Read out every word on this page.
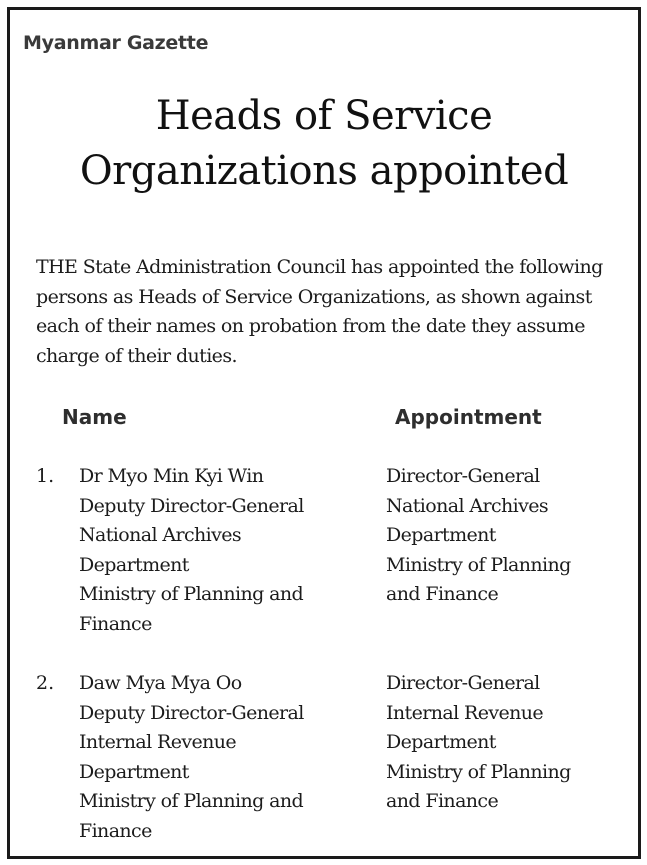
Myanmar Gazette
Heads of Service
Organizations appointed
THE State Administration Council has appointed the following
persons as Heads of Service Organizations, as shown against
each of their names on probation from the date they assume
charge of their duties.
Name	Appointment
1. Dr Myo Min Kyi Win
Deputy Director-General
National Archives
Department
Ministry of Planning and
Finance
Director-General
National Archives
Department
Ministry of Planning
and Finance
2. Daw Mya Mya Oo
Deputy Director-General
Internal Revenue
Department
Ministry of Planning and
Finance
Director-General
Internal Revenue
Department
Ministry of Planning
and Finance
